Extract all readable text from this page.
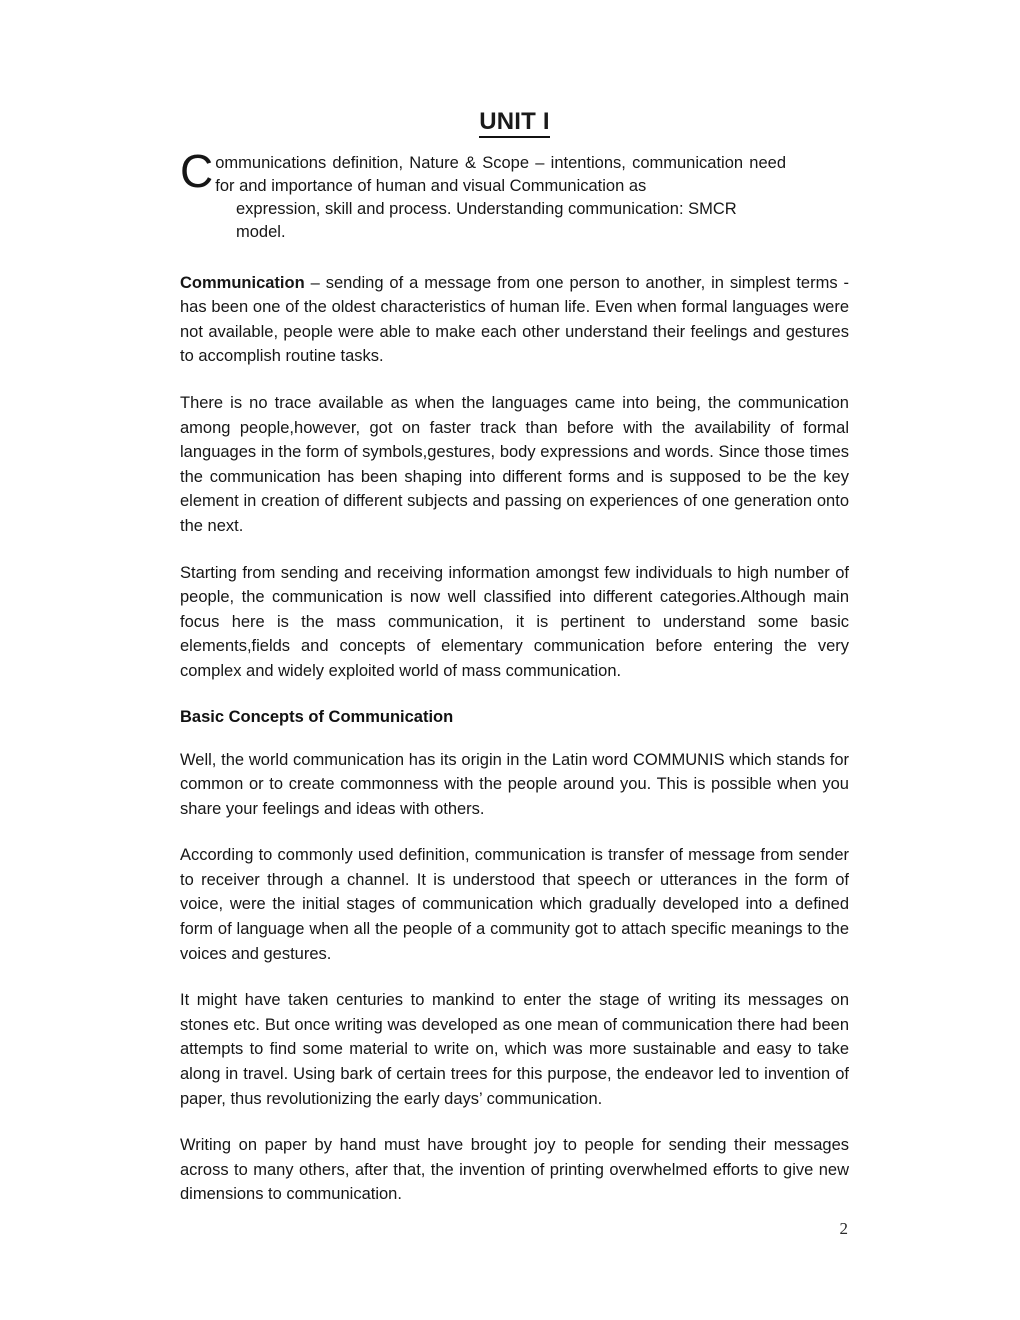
UNIT I
Communications definition, Nature & Scope – intentions, communication need for and importance of human and visual Communication as
expression, skill and process. Understanding communication: SMCR
model.

Communication – sending of a message from one person to another, in simplest terms - has been one of the oldest characteristics of human life. Even when formal languages were not available, people were able to make each other understand their feelings and gestures to accomplish routine tasks.

There is no trace available as when the languages came into being, the communication among people,however, got on faster track than before with the availability of formal languages in the form of symbols,gestures, body expressions and words. Since those times the communication has been shaping into different forms and is supposed to be the key element in creation of different subjects and passing on experiences of one generation onto the next.

Starting from sending and receiving information amongst few individuals to high number of people, the communication is now well classified into different categories.Although main focus here is the mass communication, it is pertinent to understand some basic elements,fields and concepts of elementary communication before entering the very complex and widely exploited world of mass communication.

Basic Concepts of Communication

Well, the world communication has its origin in the Latin word COMMUNIS which stands for common or to create commonness with the people around you. This is possible when you share your feelings and ideas with others.

According to commonly used definition, communication is transfer of message from sender to receiver through a channel. It is understood that speech or utterances in the form of voice, were the initial stages of communication which gradually developed into a defined form of language when all the people of a community got to attach specific meanings to the voices and gestures.

It might have taken centuries to mankind to enter the stage of writing its messages on stones etc. But once writing was developed as one mean of communication there had been attempts to find some material to write on, which was more sustainable and easy to take along in travel. Using bark of certain trees for this purpose, the endeavor led to invention of paper, thus revolutionizing the early days’ communication.

Writing on paper by hand must have brought joy to people for sending their messages across to many others, after that, the invention of printing overwhelmed efforts to give new dimensions to communication.

2
